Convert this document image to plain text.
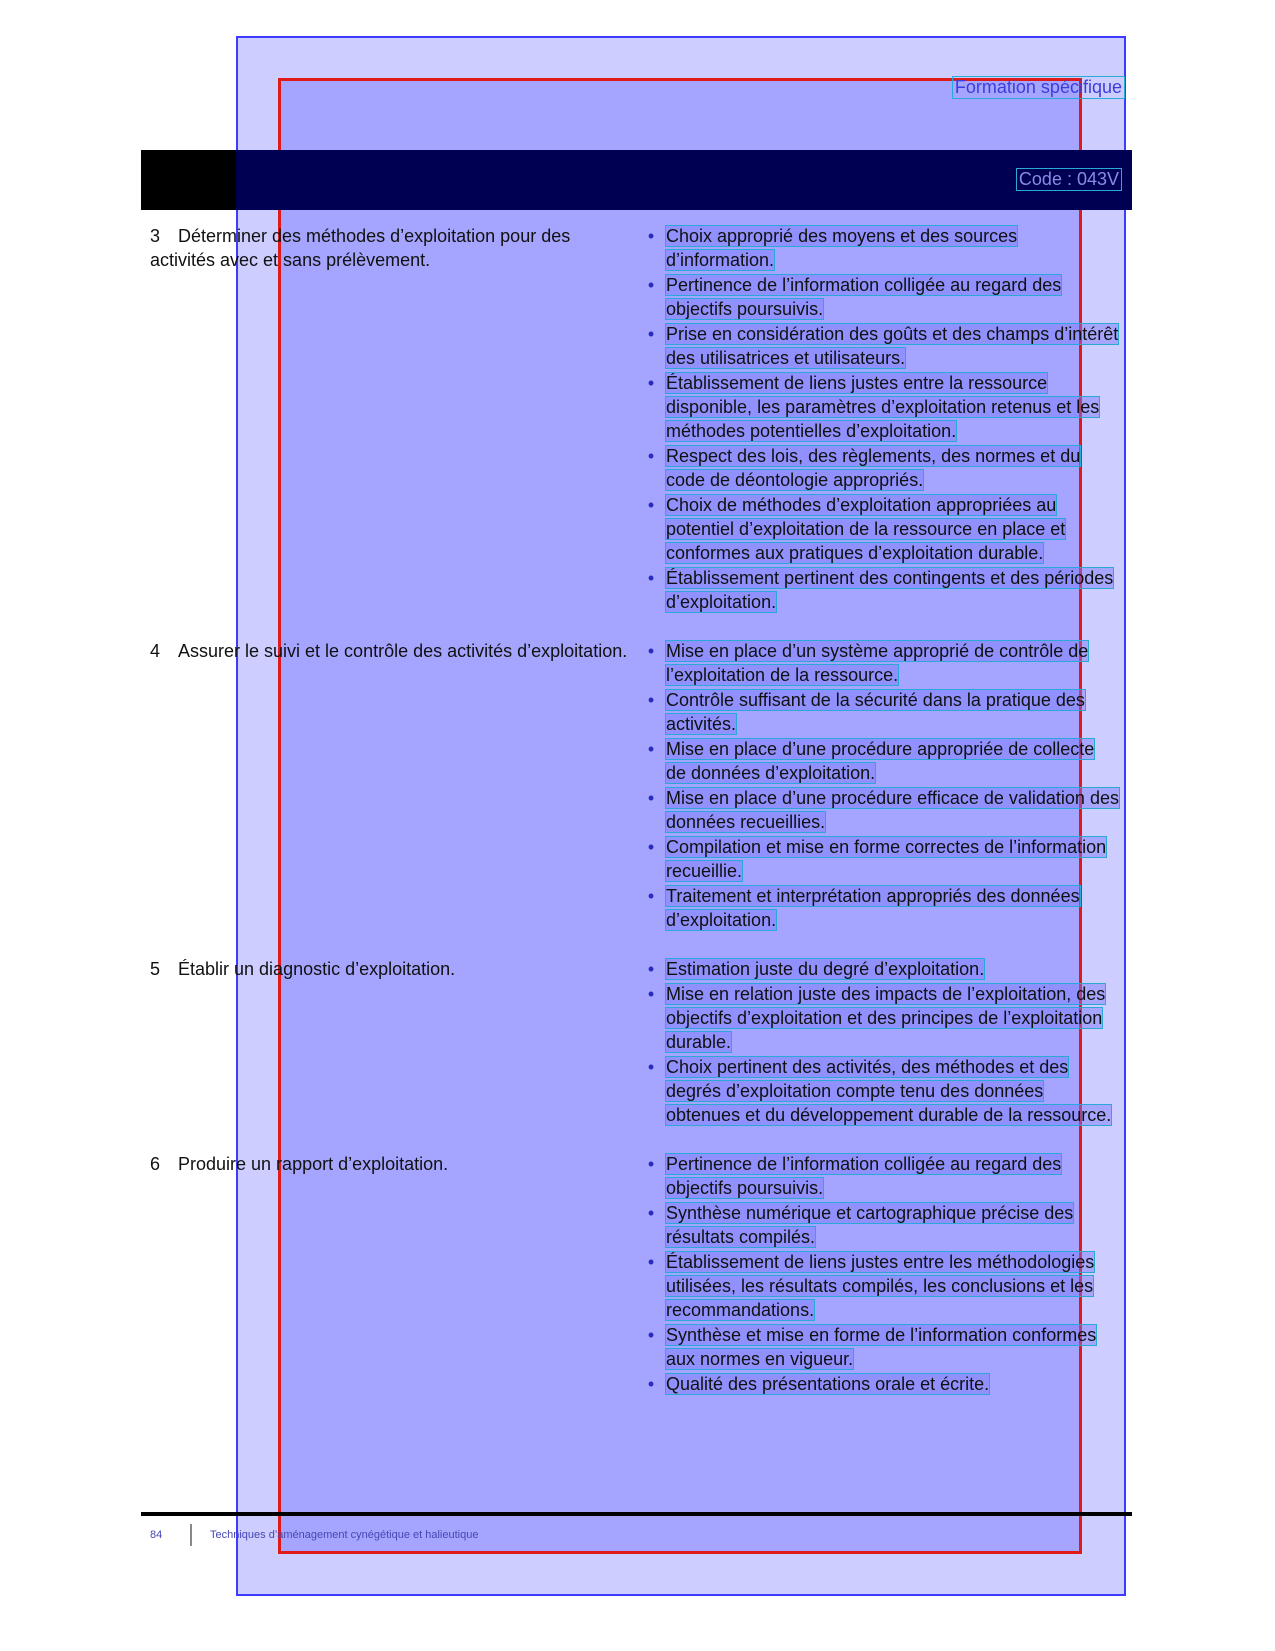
Formation spécifique
Code : 043V
3 Déterminer des méthodes d’exploitation pour des activités avec et sans prélèvement.
• Choix approprié des moyens et des sources d’information.
• Pertinence de l’information colligée au regard des objectifs poursuivis.
• Prise en considération des goûts et des champs d’intérêt des utilisatrices et utilisateurs.
• Établissement de liens justes entre la ressource disponible, les paramètres d’exploitation retenus et les méthodes potentielles d’exploitation.
• Respect des lois, des règlements, des normes et du code de déontologie appropriés.
• Choix de méthodes d’exploitation appropriées au potentiel d’exploitation de la ressource en place et conformes aux pratiques d’exploitation durable.
• Établissement pertinent des contingents et des périodes d’exploitation.
4 Assurer le suivi et le contrôle des activités d’exploitation.	• Mise en place d’un système approprié de contrôle de l’exploitation de la ressource.
• Contrôle suffisant de la sécurité dans la pratique des activités.
• Mise en place d’une procédure appropriée de collecte de données d’exploitation.
• Mise en place d’une procédure efficace de validation des données recueillies.
• Compilation et mise en forme correctes de l’information recueillie.
• Traitement et interprétation appropriés des données d’exploitation.
5 Établir un diagnostic d’exploitation.	• Estimation juste du degré d’exploitation.
• Mise en relation juste des impacts de l’exploitation, des objectifs d’exploitation et des principes de l’exploitation durable.
• Choix pertinent des activités, des méthodes et des degrés d’exploitation compte tenu des données obtenues et du développement durable de la ressource.
6 Produire un rapport d’exploitation.	• Pertinence de l’information colligée au regard des objectifs poursuivis.
• Synthèse numérique et cartographique précise des résultats compilés.
• Établissement de liens justes entre les méthodologies utilisées, les résultats compilés, les conclusions et les recommandations.
• Synthèse et mise en forme de l’information conformes aux normes en vigueur.
• Qualité des présentations orale et écrite.
84	Techniques d’aménagement cynégétique et halieutique
